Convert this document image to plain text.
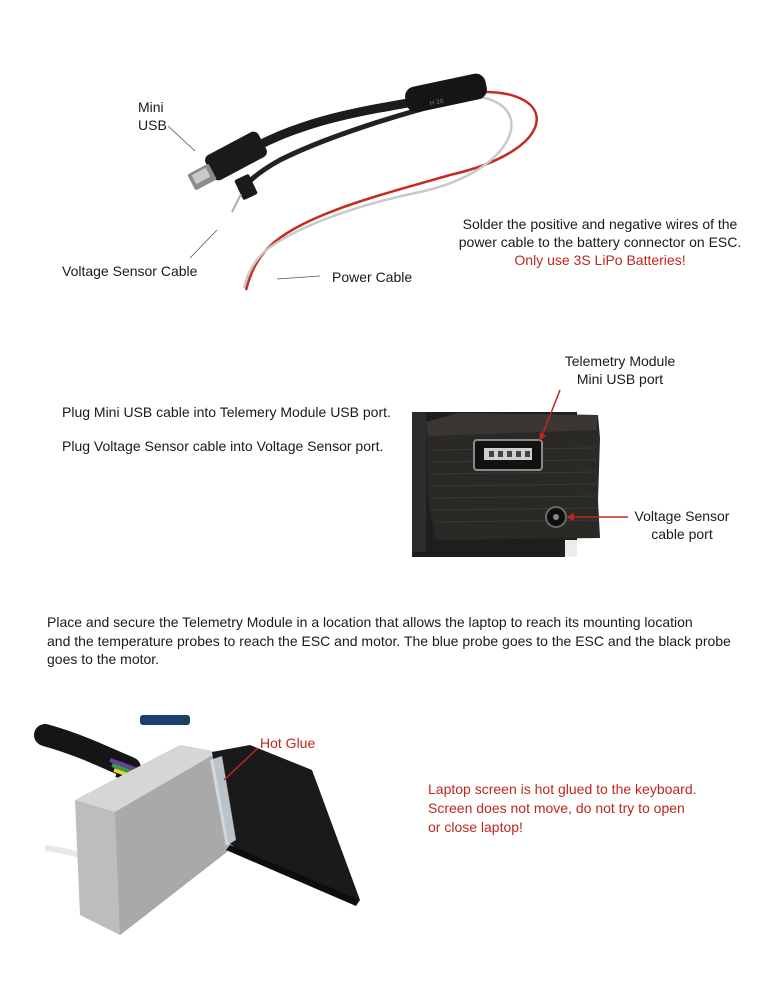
H 20
Mini
USB
Voltage Sensor Cable	Power Cable
Solder the positive and negative wires of the
power cable to the battery connector on ESC.
Only use 3S LiPo Batteries!
Plug Mini USB cable into Telemery Module USB port.
Plug Voltage Sensor cable into Voltage Sensor port.
Telemetry Module
Mini USB port
Voltage Sensor
cable port
Place and secure the Telemetry Module in a location that allows the laptop to reach its mounting location
and the temperature probes to reach the ESC and motor. The blue probe goes to the ESC and the black probe
goes to the motor.
Hot Glue
Laptop screen is hot glued to the keyboard.
Screen does not move, do not try to open
or close laptop!
